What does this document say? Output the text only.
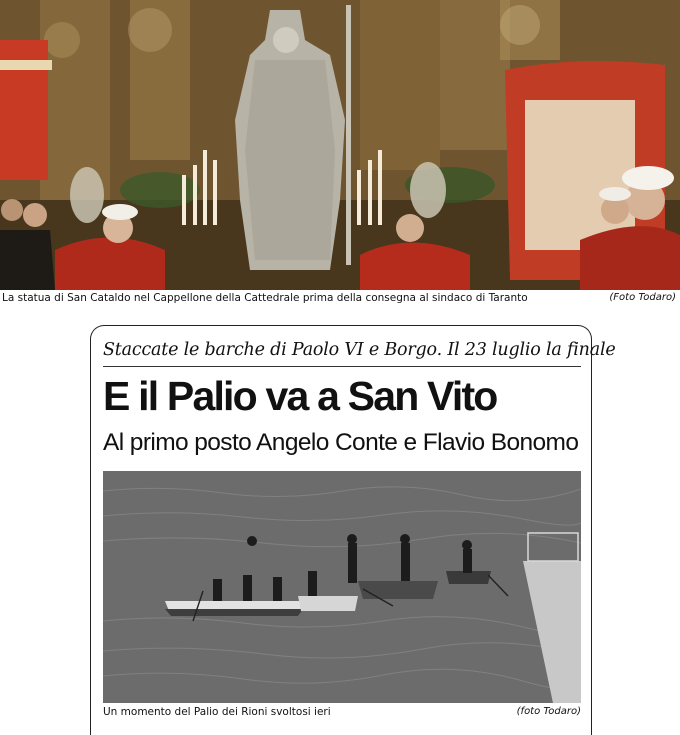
La statua di San Cataldo nel Cappellone della Cattedrale prima della consegna al sindaco di Taranto	(Foto Todaro)
Staccate le barche di Paolo VI e Borgo. Il 23 luglio la finale
E il Palio va a San Vito
Al primo posto Angelo Conte e Flavio Bonomo
Un momento del Palio dei Rioni svoltosi ieri	(foto Todaro)
